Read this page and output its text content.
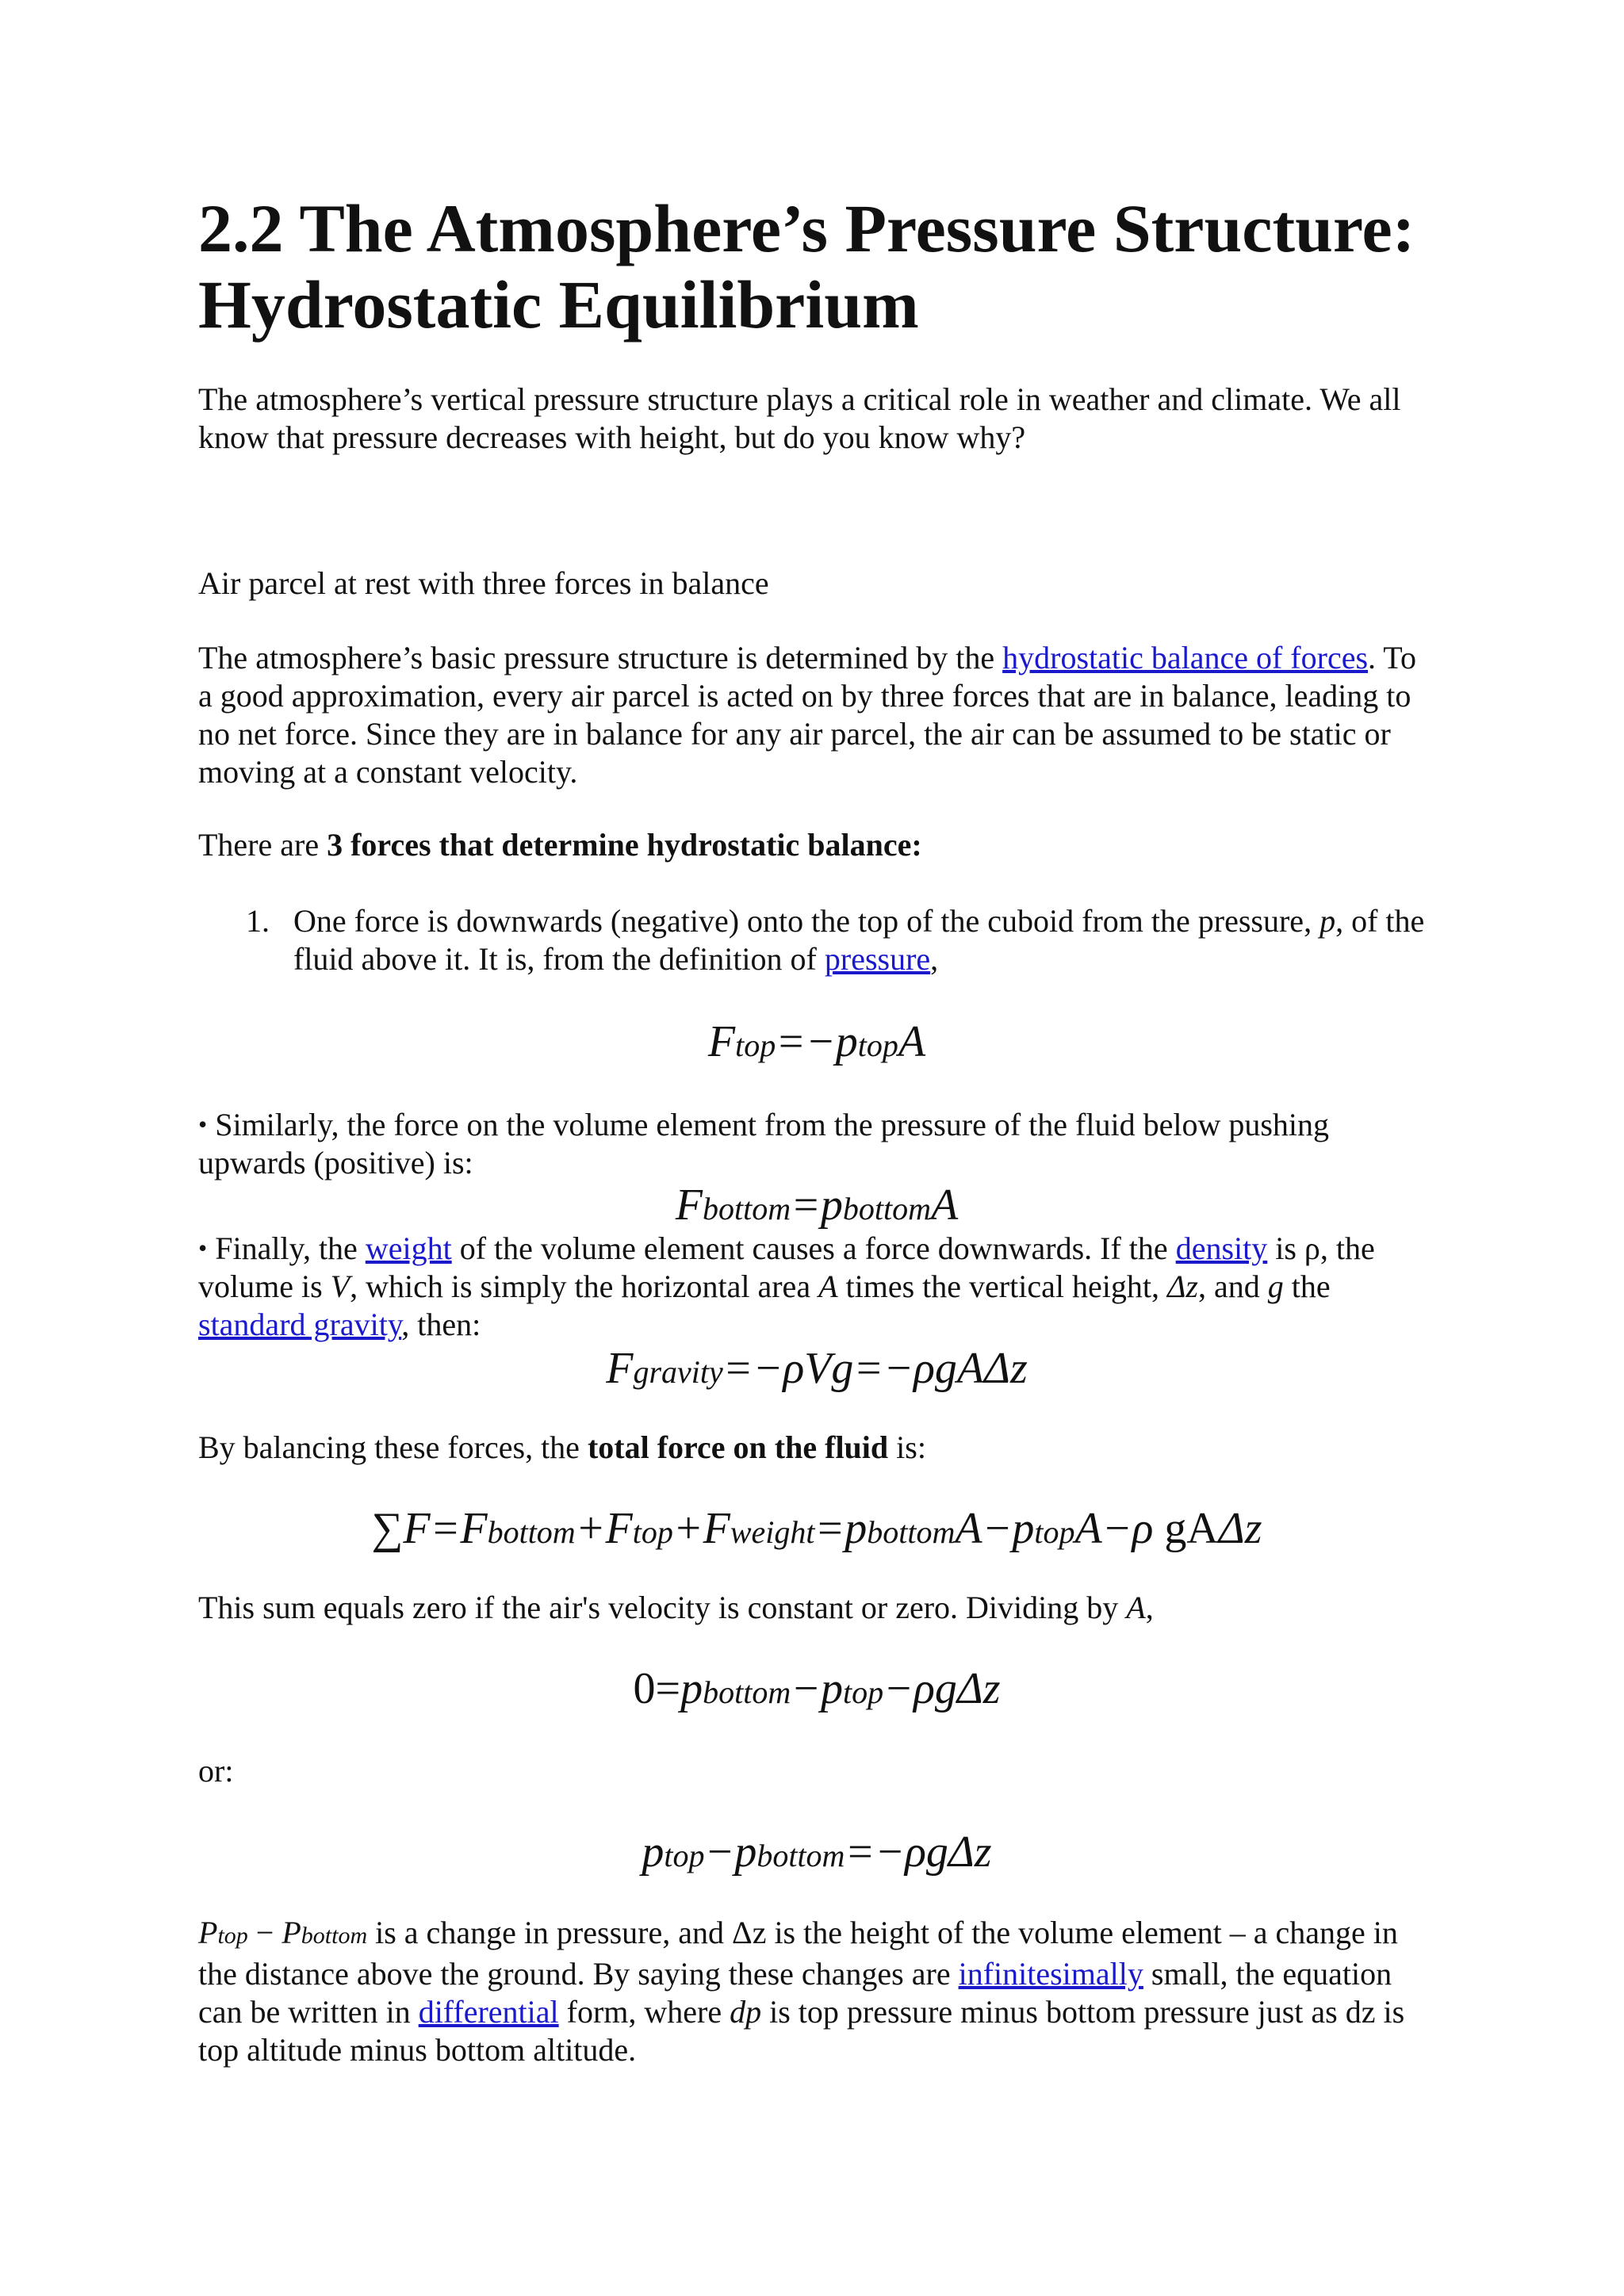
2.2 The Atmosphere’s Pressure Structure: Hydrostatic Equilibrium

The atmosphere’s vertical pressure structure plays a critical role in weather and climate. We all know that pressure decreases with height, but do you know why?

Air parcel at rest with three forces in balance

The atmosphere’s basic pressure structure is determined by the hydrostatic balance of forces. To a good approximation, every air parcel is acted on by three forces that are in balance, leading to no net force. Since they are in balance for any air parcel, the air can be assumed to be static or moving at a constant velocity.

There are 3 forces that determine hydrostatic balance:

1. One force is downwards (negative) onto the top of the cuboid from the pressure, p, of the fluid above it. It is, from the definition of pressure,
Ftop=−ptopA

• Similarly, the force on the volume element from the pressure of the fluid below pushing upwards (positive) is:

Fbottom=pbottomA

• Finally, the weight of the volume element causes a force downwards. If the density is ρ, the volume is V, which is simply the horizontal area A times the vertical height, Δz, and g the standard gravity, then:

Fgravity=−ρVg=−ρgAΔz

By balancing these forces, the total force on the fluid is:

∑F=Fbottom+Ftop+Fweight=pbottomA−ptopA−ρ gAΔz

This sum equals zero if the air's velocity is constant or zero. Dividing by A,

0=pbottom−ptop−ρgΔz

or:

ptop−pbottom=−ρgΔz

Ptop − Pbottom is a change in pressure, and Δz is the height of the volume element – a change in the distance above the ground. By saying these changes are infinitesimally small, the equation can be written in differential form, where dp is top pressure minus bottom pressure just as dz is top altitude minus bottom altitude.
